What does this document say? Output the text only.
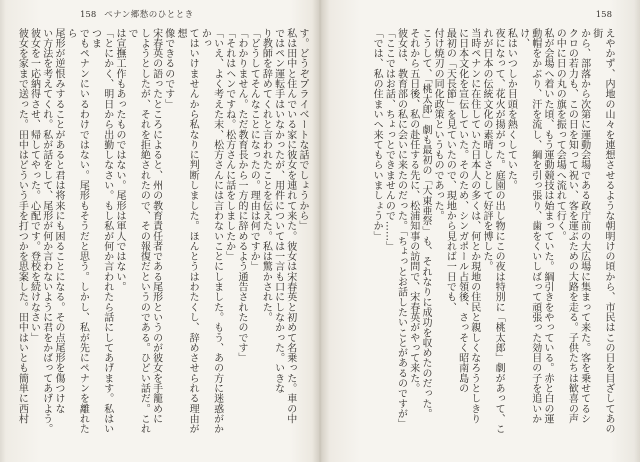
158 ペナン郷愁のひととき	158

えやかず、内地の山々を連想させるような朝明けの頃から、市民はこの日を目ざしてあの街

から、部落から次第に運動会場である政庁前の大広場に集まって来た。客を乗せてるシ

クロの若力も、この日を知って祝い、客を運ぶための大路を走る。子供たちは歓喜の声

の中に日の丸の旗を振って会場へ流れて行く。

私が会場へ着いた頃、もう運動競技は始まっていた。綱引きをやっている。赤と白の運

動帽をかぶり、汗を流し、綱を引っ張り、歯をくいしばって頑張った効目の子を追いかけ、

私はいつしか目頭を熱くしていた。

夜になって、花火が揚がった。庭園の出し物にこの夜は特別に「桃太郎」劇があって、こ

れが日本の伝統文化の素晴しさとして好評を博した。

当時ペナンに在住していた日本人の多くは、何とか現地の住民と親しくなろうとしきり

に日本文化を宣伝していた。そのため、シンガポール占領後、さっそく昭南島の

最初の「天長節」を見ていたので、現地から見れば一日でも、

付け焼刃の同化政策というものであった。

こうして、「桃太郎」劇も最初の「大東亜祭」も、それなりに成功を収めたのだった。

それから五日後、私の赴任する先に、松浦知事の訪問で、宋春英がやって来た。

彼女は、教育部の私に会いに来たのだった。「ちょっとお話したいことがあるのですが」

「ここではお話、ちょっとできませんので……」

「では、私の住まいへ来てもらいましょうか」

す。どうぞプライベートな話でしょうから」

私は田中と住んでいる家に彼女を連れて来た。彼女は宋春英と初めて名乗った。車の中

ではペン運転手はいなかったが、用件については一言も口にしなかった。いきな

り教師を辞めてくれと言われたことを伝えた。私は驚かされた。

「どうしてそんなことになったの。理由は何ですか」

「わかりません。ただ教育長から一方的に辞めるよう通告されたのです」

「それはヘンですね。松方さんに話をしましたか」

「いえ、よく考えた末、松方さんには言わないことにしました。もう、あの方に迷惑がかかっ

てはいけませんから私なりに判断しました。ほんとうはわたくし、辞めさせられる理由が想

像できるのです」

宋春英の語ったところによると、州の教育責任者である尾形というのが彼女を手籠めに

しようとしたが、それを拒絶されたので、その報復だというのである。ひどい話だ。これで

は宣撫工作もあったものではない。尾形は軍人ではない。

「とにかく、明日から出勤しなさい。もし私が何か言われたら話にしてあげます。私はいつま

でもペナンにいるわけではない。尾形もそうだと思う。しかし、私が先にペナンを離れたら

尾形が逆恨みすることがあると君は将来にも困ることになる。その点尾形を傷つけな

い方法を考えてくれ。私が話をして、尾形が何か言わないように君をかばってあげよう。

彼女を一応納得させ、帰してやった。心配です。登校を続けなさい」

彼女を家まで送った。田中はどういう手を打つかを思案した。田中はいとも簡単に西村
